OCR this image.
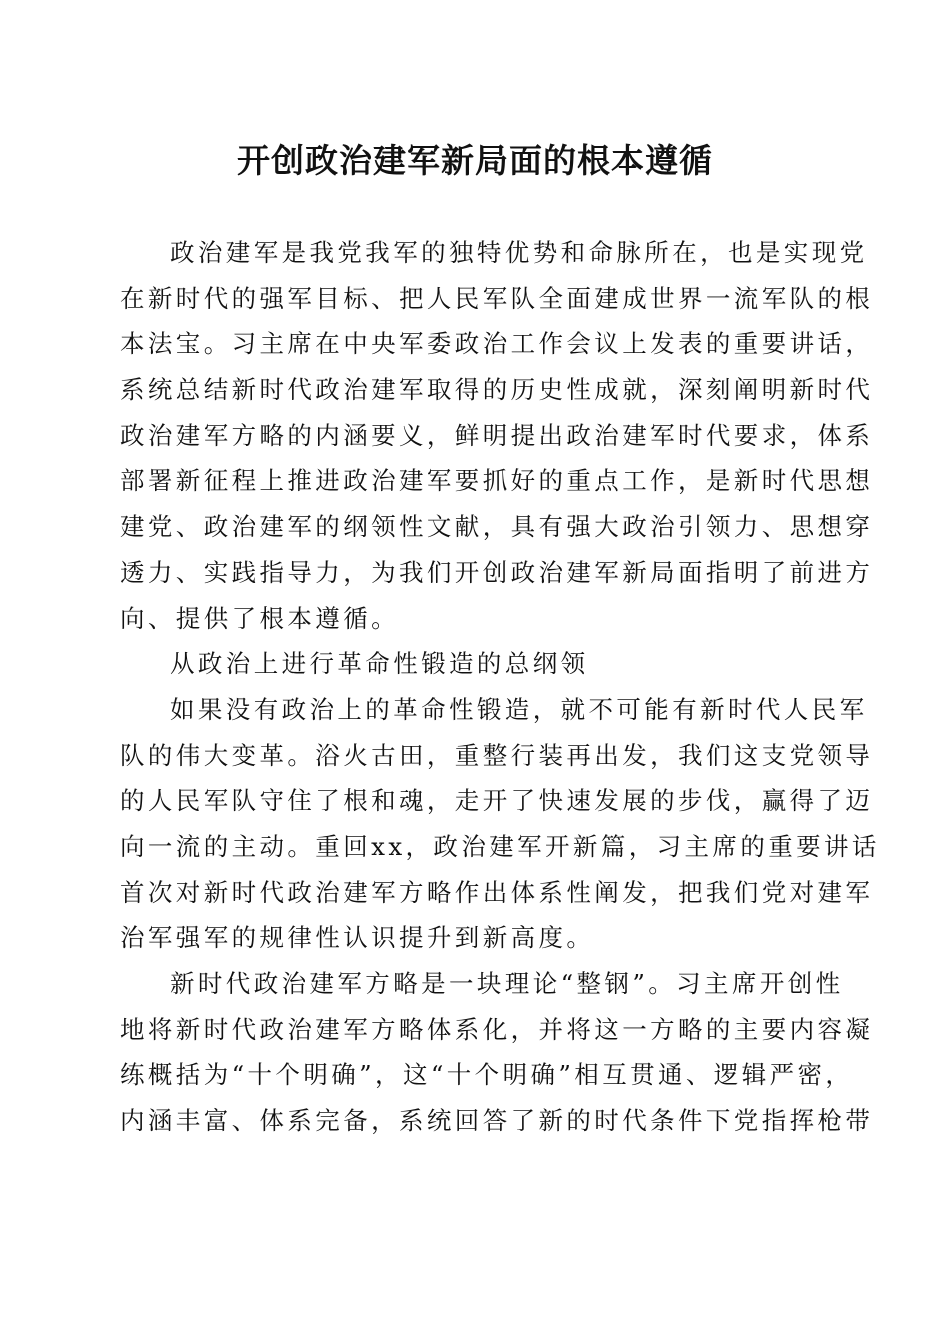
开创政治建军新局面的根本遵循
政治建军是我党我军的独特优势和命脉所在，也是实现党
在新时代的强军目标、把人民军队全面建成世界一流军队的根
本法宝。习主席在中央军委政治工作会议上发表的重要讲话，
系统总结新时代政治建军取得的历史性成就，深刻阐明新时代
政治建军方略的内涵要义，鲜明提出政治建军时代要求，体系
部署新征程上推进政治建军要抓好的重点工作，是新时代思想
建党、政治建军的纲领性文献，具有强大政治引领力、思想穿
透力、实践指导力，为我们开创政治建军新局面指明了前进方
向、提供了根本遵循。
从政治上进行革命性锻造的总纲领
如果没有政治上的革命性锻造，就不可能有新时代人民军
队的伟大变革。浴火古田，重整行装再出发，我们这支党领导
的人民军队守住了根和魂，走开了快速发展的步伐，赢得了迈
向一流的主动。重回xx，政治建军开新篇，习主席的重要讲话
首次对新时代政治建军方略作出体系性阐发，把我们党对建军
治军强军的规律性认识提升到新高度。
新时代政治建军方略是一块理论“整钢”。习主席开创性
地将新时代政治建军方略体系化，并将这一方略的主要内容凝
练概括为“十个明确”，这“十个明确”相互贯通、逻辑严密，
内涵丰富、体系完备，系统回答了新的时代条件下党指挥枪带
